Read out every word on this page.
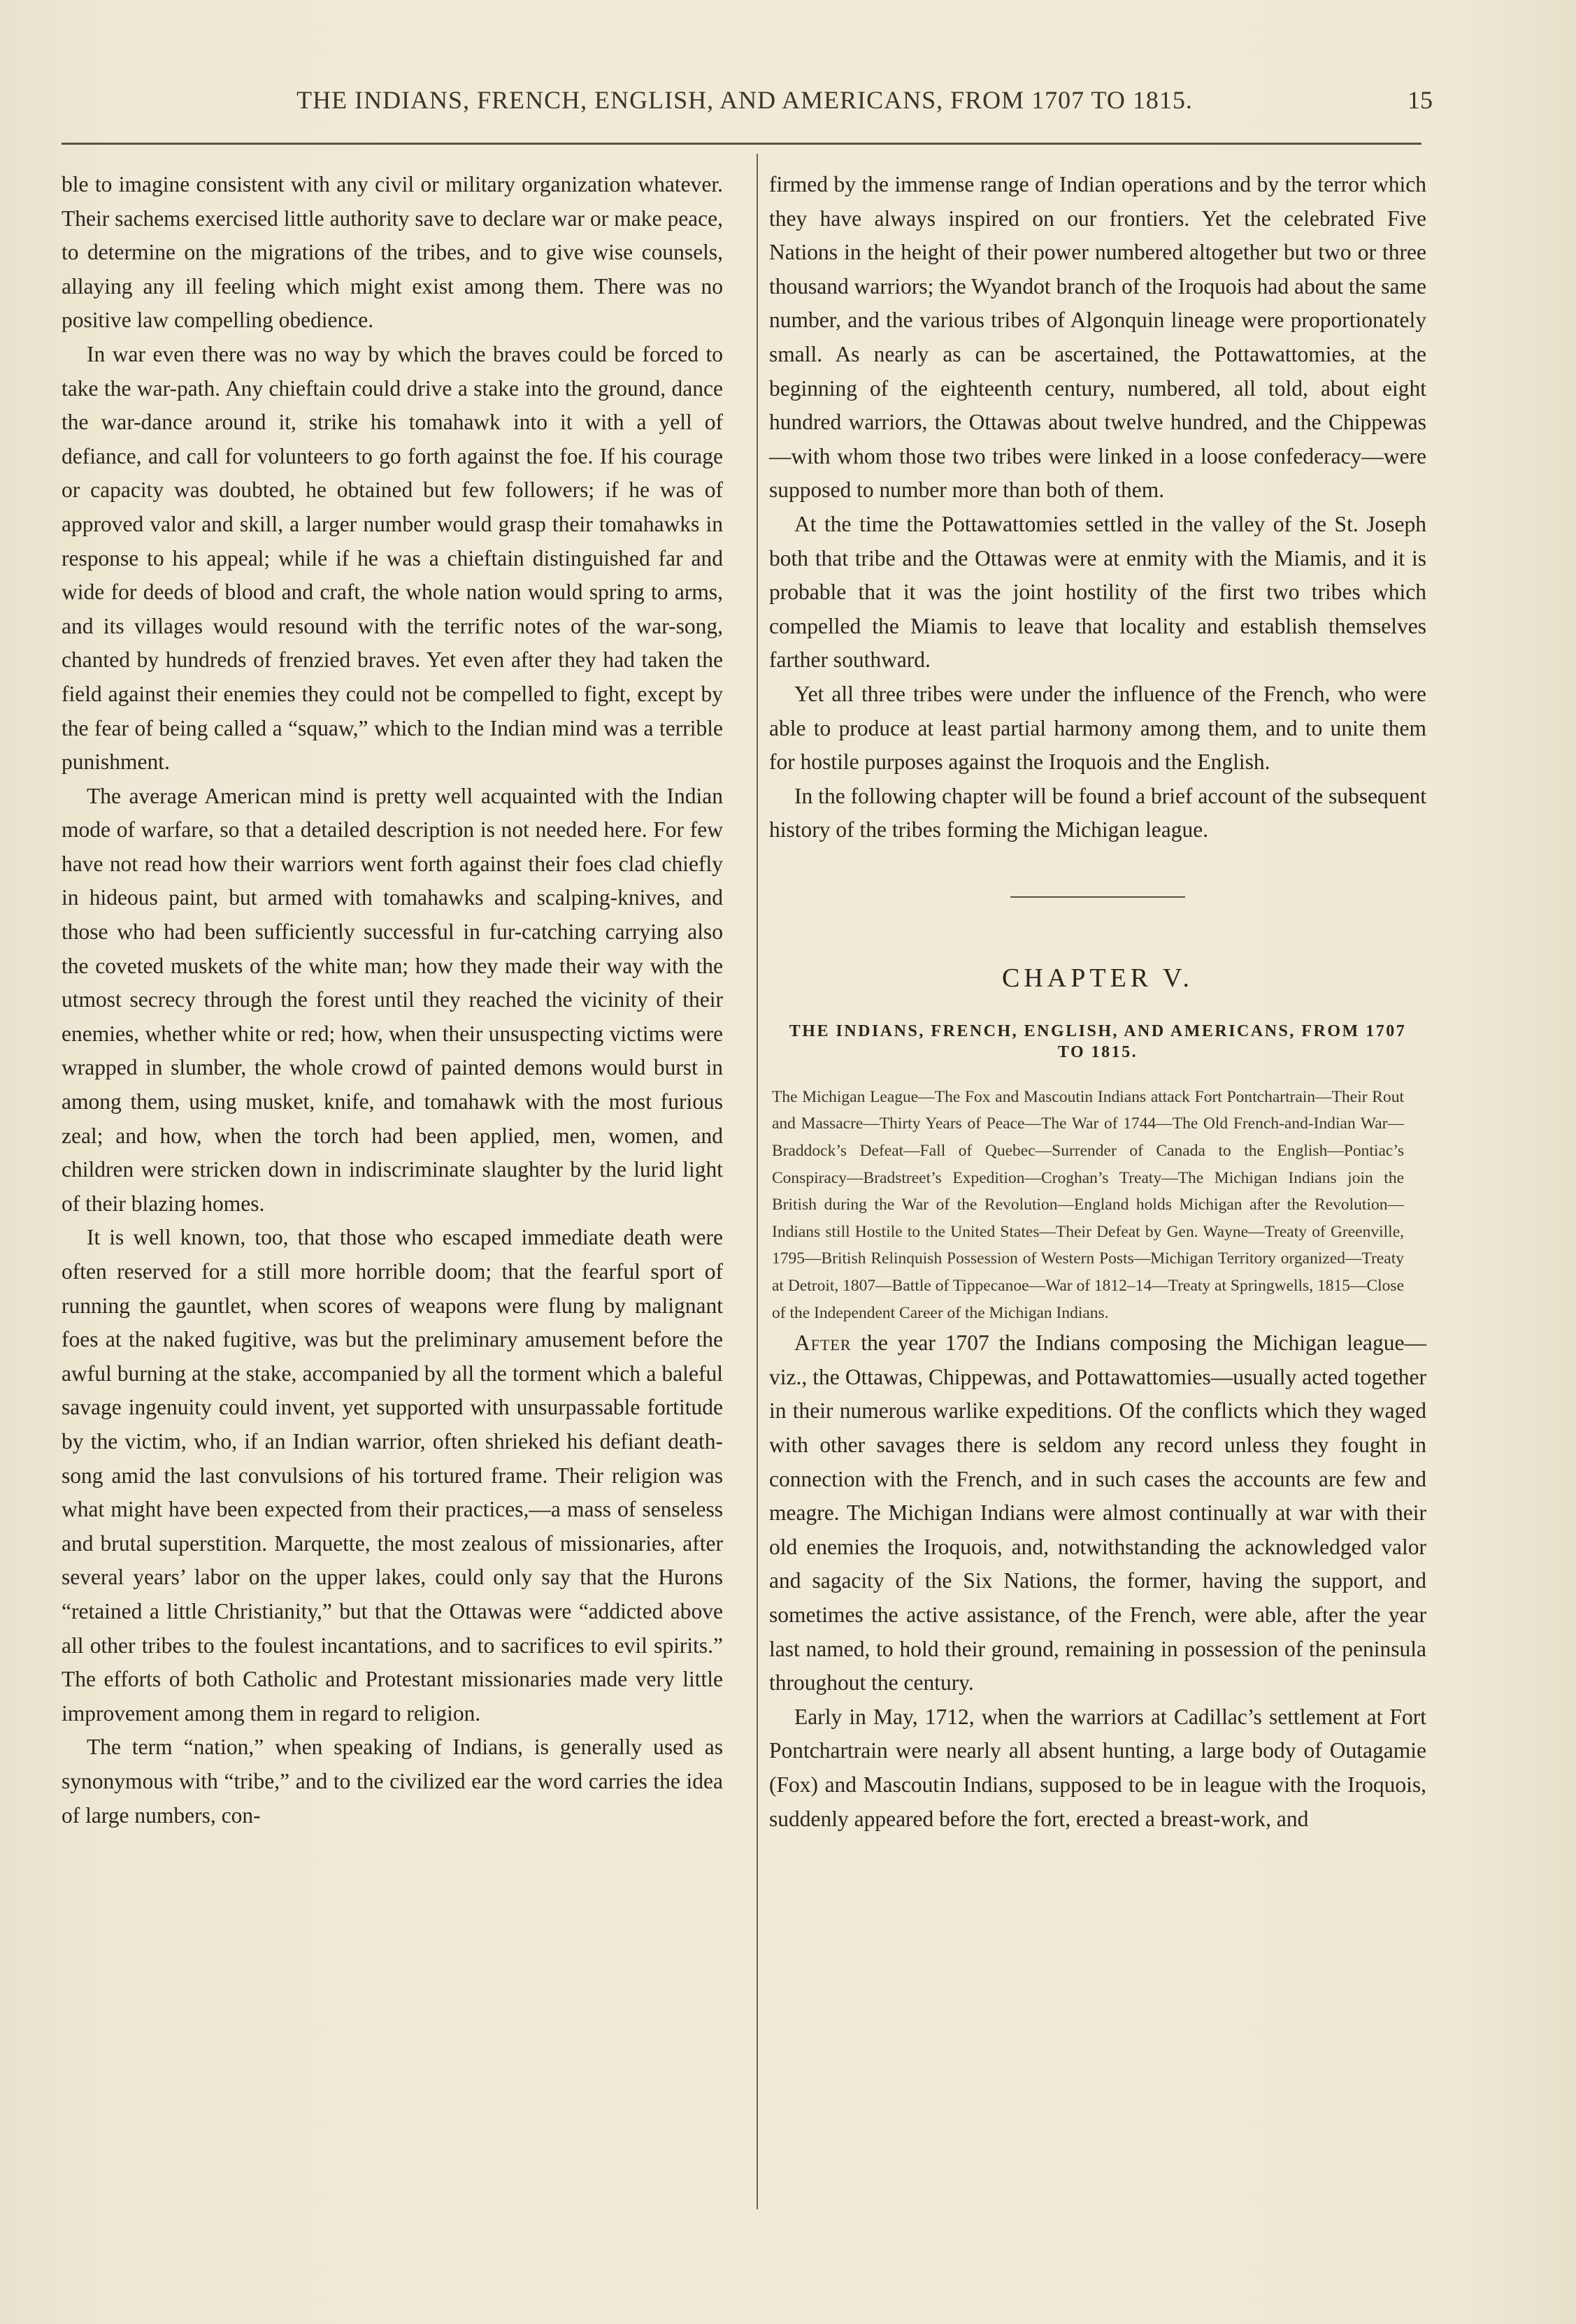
THE INDIANS, FRENCH, ENGLISH, AND AMERICANS, FROM 1707 TO 1815.	15

ble to imagine consistent with any civil or military organization whatever. Their sachems exercised little authority save to declare war or make peace, to determine on the migrations of the tribes, and to give wise counsels, allaying any ill feeling which might exist among them. There was no positive law compelling obedience.

In war even there was no way by which the braves could be forced to take the war-path. Any chieftain could drive a stake into the ground, dance the war-dance around it, strike his tomahawk into it with a yell of defiance, and call for volunteers to go forth against the foe. If his courage or capacity was doubted, he obtained but few followers; if he was of approved valor and skill, a larger number would grasp their tomahawks in response to his appeal; while if he was a chieftain distinguished far and wide for deeds of blood and craft, the whole nation would spring to arms, and its villages would resound with the terrific notes of the war-song, chanted by hundreds of frenzied braves. Yet even after they had taken the field against their enemies they could not be compelled to fight, except by the fear of being called a “squaw,” which to the Indian mind was a terrible punishment.

The average American mind is pretty well acquainted with the Indian mode of warfare, so that a detailed description is not needed here. For few have not read how their warriors went forth against their foes clad chiefly in hideous paint, but armed with tomahawks and scalping-knives, and those who had been sufficiently successful in fur-catching carrying also the coveted muskets of the white man; how they made their way with the utmost secrecy through the forest until they reached the vicinity of their enemies, whether white or red; how, when their unsuspecting victims were wrapped in slumber, the whole crowd of painted demons would burst in among them, using musket, knife, and tomahawk with the most furious zeal; and how, when the torch had been applied, men, women, and children were stricken down in indiscriminate slaughter by the lurid light of their blazing homes.

It is well known, too, that those who escaped immediate death were often reserved for a still more horrible doom; that the fearful sport of running the gauntlet, when scores of weapons were flung by malignant foes at the naked fugitive, was but the preliminary amusement before the awful burning at the stake, accompanied by all the torment which a baleful savage ingenuity could invent, yet supported with unsurpassable fortitude by the victim, who, if an Indian warrior, often shrieked his defiant death-song amid the last convulsions of his tortured frame. Their religion was what might have been expected from their practices,—a mass of senseless and brutal superstition. Marquette, the most zealous of missionaries, after several years’ labor on the upper lakes, could only say that the Hurons “retained a little Christianity,” but that the Ottawas were “addicted above all other tribes to the foulest incantations, and to sacrifices to evil spirits.” The efforts of both Catholic and Protestant missionaries made very little improvement among them in regard to religion.

The term “nation,” when speaking of Indians, is generally used as synonymous with “tribe,” and to the civilized ear the word carries the idea of large numbers, con-

firmed by the immense range of Indian operations and by the terror which they have always inspired on our frontiers. Yet the celebrated Five Nations in the height of their power numbered altogether but two or three thousand warriors; the Wyandot branch of the Iroquois had about the same number, and the various tribes of Algonquin lineage were proportionately small. As nearly as can be ascertained, the Pottawattomies, at the beginning of the eighteenth century, numbered, all told, about eight hundred warriors, the Ottawas about twelve hundred, and the Chippewas—with whom those two tribes were linked in a loose confederacy—were supposed to number more than both of them.

At the time the Pottawattomies settled in the valley of the St. Joseph both that tribe and the Ottawas were at enmity with the Miamis, and it is probable that it was the joint hostility of the first two tribes which compelled the Miamis to leave that locality and establish themselves farther southward.

Yet all three tribes were under the influence of the French, who were able to produce at least partial harmony among them, and to unite them for hostile purposes against the Iroquois and the English.

In the following chapter will be found a brief account of the subsequent history of the tribes forming the Michigan league.

CHAPTER V.
THE INDIANS, FRENCH, ENGLISH, AND AMERICANS, FROM 1707 TO 1815.
The Michigan League—The Fox and Mascoutin Indians attack Fort Pontchartrain—Their Rout and Massacre—Thirty Years of Peace—The War of 1744—The Old French-and-Indian War—Braddock’s Defeat—Fall of Quebec—Surrender of Canada to the English—Pontiac’s Conspiracy—Bradstreet’s Expedition—Croghan’s Treaty—The Michigan Indians join the British during the War of the Revolution—England holds Michigan after the Revolution—Indians still Hostile to the United States—Their Defeat by Gen. Wayne—Treaty of Greenville, 1795—British Relinquish Possession of Western Posts—Michigan Territory organized—Treaty at Detroit, 1807—Battle of Tippecanoe—War of 1812–14—Treaty at Springwells, 1815—Close of the Independent Career of the Michigan Indians.

After the year 1707 the Indians composing the Michigan league—viz., the Ottawas, Chippewas, and Pottawattomies—usually acted together in their numerous warlike expeditions. Of the conflicts which they waged with other savages there is seldom any record unless they fought in connection with the French, and in such cases the accounts are few and meagre. The Michigan Indians were almost continually at war with their old enemies the Iroquois, and, notwithstanding the acknowledged valor and sagacity of the Six Nations, the former, having the support, and sometimes the active assistance, of the French, were able, after the year last named, to hold their ground, remaining in possession of the peninsula throughout the century.

Early in May, 1712, when the warriors at Cadillac’s settlement at Fort Pontchartrain were nearly all absent hunting, a large body of Outagamie (Fox) and Mascoutin Indians, supposed to be in league with the Iroquois, suddenly appeared before the fort, erected a breast-work, and
